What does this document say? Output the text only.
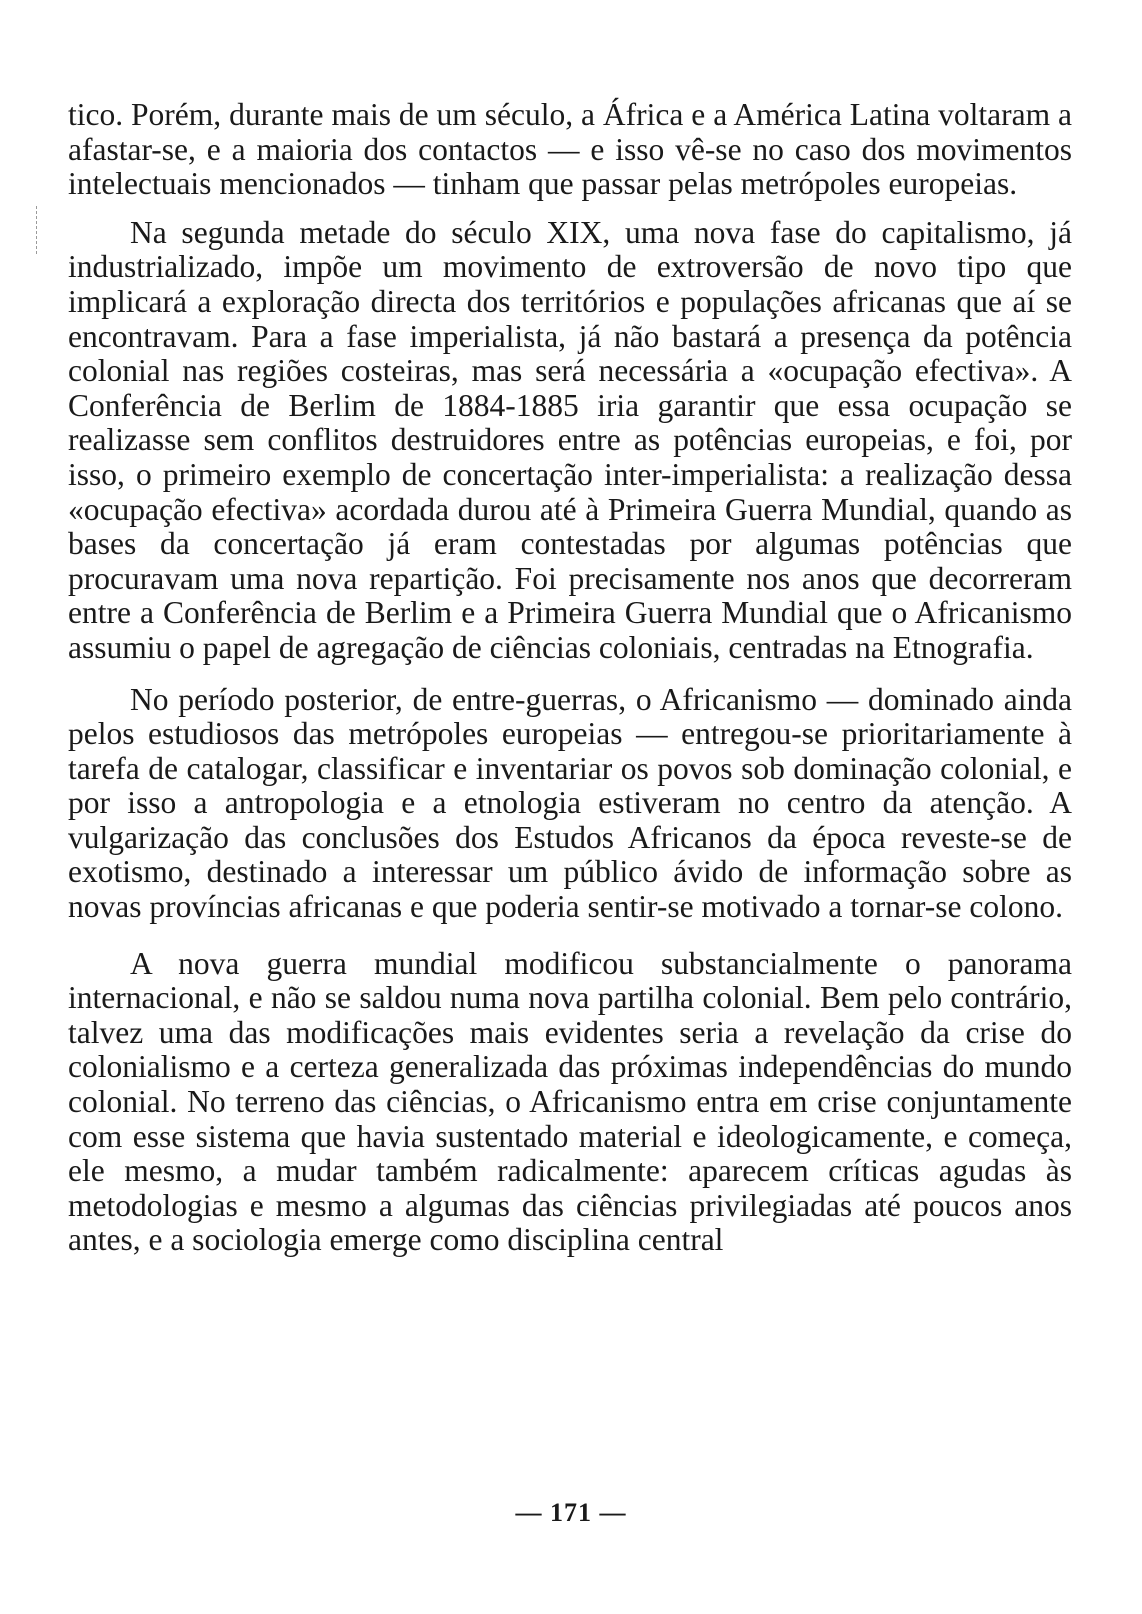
tico. Porém, durante mais de um século, a África e a América Latina voltaram a afastar-se, e a maioria dos contactos — e isso vê-se no caso dos movimentos intelectuais mencionados — tinham que passar pelas metrópoles europeias.

Na segunda metade do século XIX, uma nova fase do capitalismo, já industrializado, impõe um movimento de extroversão de novo tipo que implicará a exploração directa dos territórios e populações africanas que aí se encontravam. Para a fase imperialista, já não bastará a presença da potência colonial nas regiões costeiras, mas será necessária a «ocupação efectiva». A Conferência de Berlim de 1884-1885 iria garantir que essa ocupação se realizasse sem conflitos destruidores entre as potências europeias, e foi, por isso, o primeiro exemplo de concertação inter-imperialista: a realização dessa «ocupação efectiva» acordada durou até à Primeira Guerra Mundial, quando as bases da concertação já eram contestadas por algumas potências que procuravam uma nova repartição. Foi precisamente nos anos que decorreram entre a Conferência de Berlim e a Primeira Guerra Mundial que o Africanismo assumiu o papel de agregação de ciências coloniais, centradas na Etnografia.

No período posterior, de entre-guerras, o Africanismo — dominado ainda pelos estudiosos das metrópoles europeias — entregou-se prioritariamente à tarefa de catalogar, classificar e inventariar os povos sob dominação colonial, e por isso a antropologia e a etnologia estiveram no centro da atenção. A vulgarização das conclusões dos Estudos Africanos da época reveste-se de exotismo, destinado a interessar um público ávido de informação sobre as novas províncias africanas e que poderia sentir-se motivado a tornar-se colono.

A nova guerra mundial modificou substancialmente o panorama internacional, e não se saldou numa nova partilha colonial. Bem pelo contrário, talvez uma das modificações mais evidentes seria a revelação da crise do colonialismo e a certeza generalizada das próximas independências do mundo colonial. No terreno das ciências, o Africanismo entra em crise conjuntamente com esse sistema que havia sustentado material e ideologicamente, e começa, ele mesmo, a mudar também radicalmente: aparecem críticas agudas às metodologias e mesmo a algumas das ciências privilegiadas até poucos anos antes, e a sociologia emerge como disciplina central

— 171 —
